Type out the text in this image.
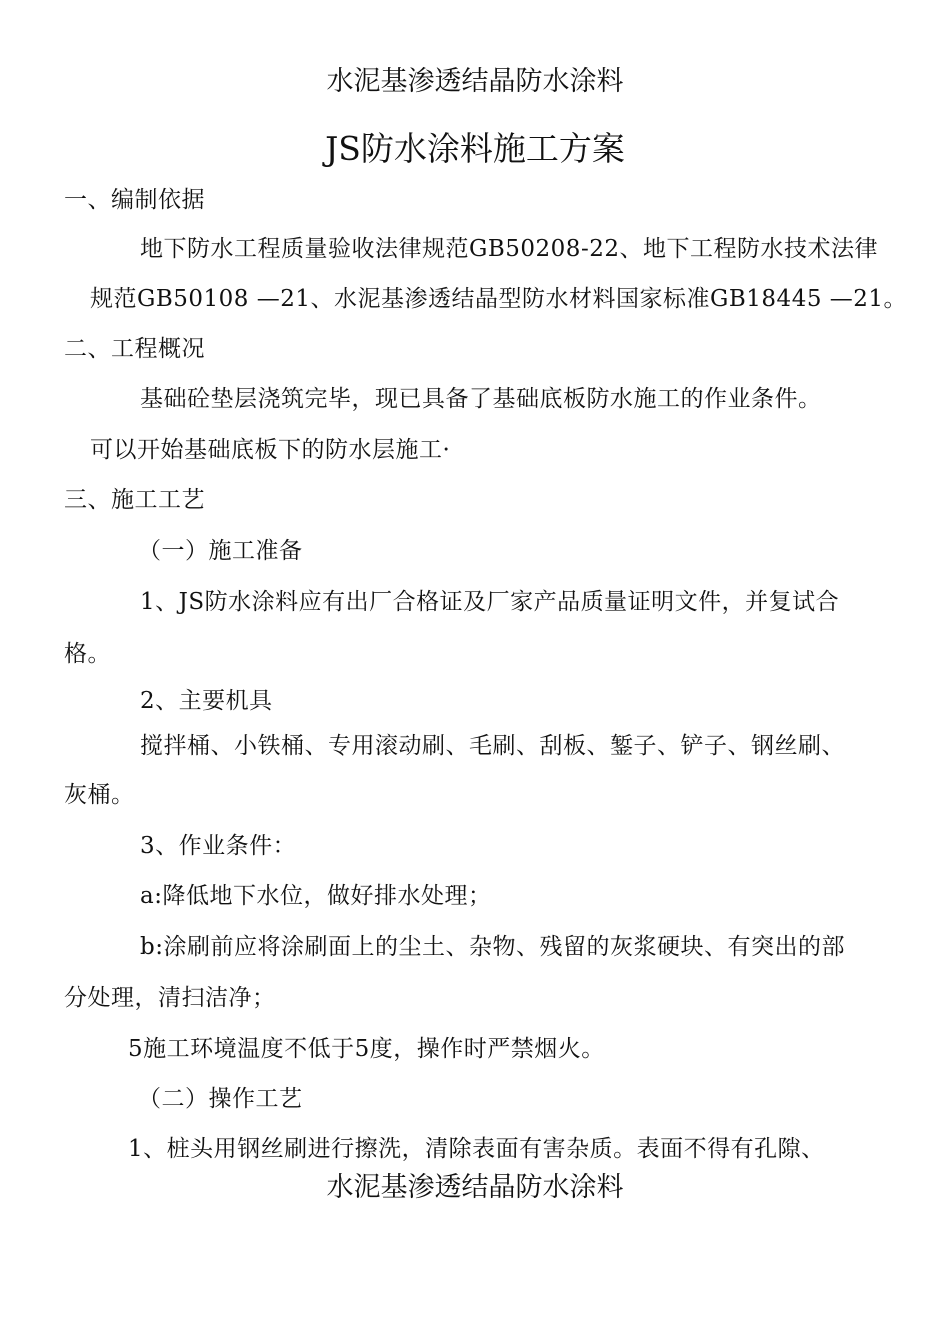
水泥基渗透结晶防水涂料
JS防水涂料施工方案
一、编制依据
地下防水工程质量验收法律规范GB50208-22、地下工程防水技术法律
规范GB50108 —21、水泥基渗透结晶型防水材料国家标准GB18445 —21。
二、工程概况
基础砼垫层浇筑完毕，现已具备了基础底板防水施工的作业条件。
可以开始基础底板下的防水层施工·
三、施工工艺
（一）施工准备
1、JS防水涂料应有出厂合格证及厂家产品质量证明文件，并复试合
格。
2、主要机具
搅拌桶、小铁桶、专用滚动刷、毛刷、刮板、錾子、铲子、钢丝刷、
灰桶。
3、作业条件：
a:降低地下水位，做好排水处理；
b:涂刷前应将涂刷面上的尘土、杂物、残留的灰浆硬块、有突出的部
分处理，清扫洁净；
5施工环境温度不低于5度，操作时严禁烟火。
（二）操作工艺
1、桩头用钢丝刷进行擦洗，清除表面有害杂质。表面不得有孔隙、
水泥基渗透结晶防水涂料
